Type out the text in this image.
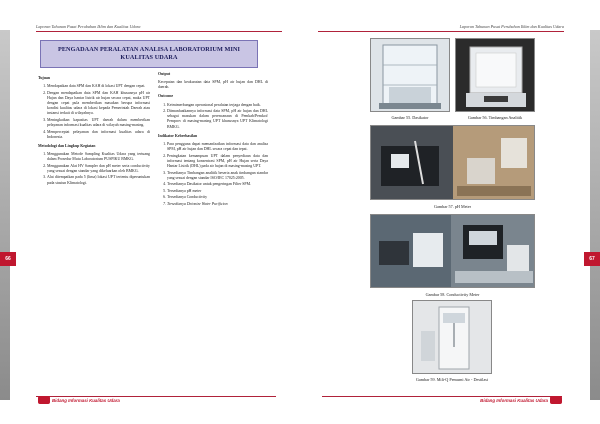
Laporan Tahunan Pusat Perubahan Iklim dan Kualitas Udara
66
PENGADAAN PERALATAN ANALISA LABORATORIUM MINI KUALITAS UDARA
Tujuan
1. Mendapatkan data SPM dan KAH di lokasi UPT dengan cepat.
2. Dengan mendapatkan data SPM dan KAH khususnya pH air Hujan dan Daya hantar listrik air hujan secara cepat, maka UPT dengan cepat pula memberikan masukan berupa informasi kondisi kualitas udara di lokasi kepada Pemerintah Daerah atau instansi terkait di wilayahnya.
3. Meningkatkan kapasitas UPT daerah dalam memberikan pelayanan informasi kualitas udara di wilayah masing-masing.
4. Memperceptat pelayanan dan informasi kualitas udara di Indonesia.
Metodologi dan Lingkup Kegiatan
1. Menggunakan Metode Sampling Kualitas Udara yang tertuang dalam Prosedur Mutu Laboratorium PUSPIKU BMKG.
2. Menggunakan Alat HV Sampler dan pH meter serta conductivity yang sesuai dengan standar yang dikeluarkan oleh BMKG.
3. Alat ditempatkan pada 5 (lima) lokasi UPT tertentu diperuntukan pada stasiun Klimatologi.
Output

Kecepatan dan keakuratan data SPM, pH air hujan dan DHL di daerah.

Outcome
1. Keimimerbungan operasional peralatan terjaga dengan baik.
2. Ditmanfaatkannya informasi data SPM, pH air hujan dan DHL sebagai masukan dalam perencanaan di Pemkab/Pemkot/ Pemprov di masing-masing UPT khususnya UPT Klimatologi BMKG.
Indikator Keberhasilan
1. Para pengguna dapat memanfaatkan informasi data dan analisa SPM, pH air hujan dan DHL secara cepat dan tepat.
2. Peningkatan kemampuan UPT dalam penyediaan data dan informasi tentang konsentrasi SPM, pH air Hujan serta Daya Hantar Listrik (DHL) pada air hujan di masing-masing UPT.
3. Tersedianya Timbangan analitik beserta anak timbangan standar yang sesuai dengan standar ISO/IEC 17025:2005.
4. Tersedianya Dasikator untuk pengeringan Filter SPM.
5. Tersedianya pH meter
6. Tersedianya Conductivity
7. Tersedianya Deionize Water Purificion
Bidang Informasi Kualitas Udara
Laporan Tahunan Pusat Perubahan Iklim dan Kualitas Udara
67
Gambar 55. Dasikator	Gambar 56. Timbangan Analitik
Gambar 57. pH Meter
Gambar 58. Conductivity Meter
Gambar 59. Mili-Q Pemurni Air - Destilasi
Bidang Informasi Kualitas Udara
